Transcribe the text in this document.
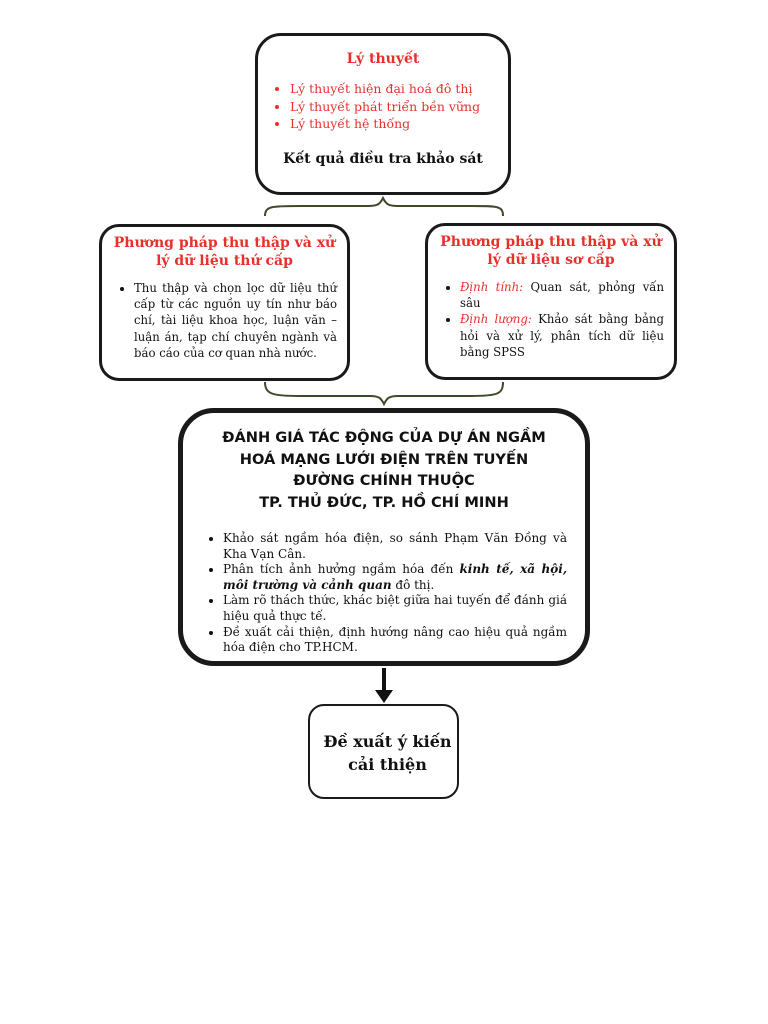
Lý thuyết
• Lý thuyết hiện đại hoá đô thị
• Lý thuyết phát triển bền vững
• Lý thuyết hệ thống
Kết quả điều tra khảo sát
Phương pháp thu thập và xử lý dữ liệu thứ cấp
• Thu thập và chọn lọc dữ liệu thứ cấp từ các nguồn uy tín như báo chí, tài liệu khoa học, luận văn – luận án, tạp chí chuyên ngành và báo cáo của cơ quan nhà nước.
Phương pháp thu thập và xử lý dữ liệu sơ cấp
• Định tính: Quan sát, phỏng vấn sâu
• Định lượng: Khảo sát bằng bảng hỏi và xử lý, phân tích dữ liệu bằng SPSS
ĐÁNH GIÁ TÁC ĐỘNG CỦA DỰ ÁN NGẦM
HOÁ MẠNG LƯỚI ĐIỆN TRÊN TUYẾN
ĐƯỜNG CHÍNH THUỘC
TP. THỦ ĐỨC, TP. HỒ CHÍ MINH
• Khảo sát ngầm hóa điện, so sánh Phạm Văn Đồng và Kha Vạn Cân.
• Phân tích ảnh hưởng ngầm hóa đến kinh tế, xã hội, môi trường và cảnh quan đô thị.
• Làm rõ thách thức, khác biệt giữa hai tuyến để đánh giá hiệu quả thực tế.
• Đề xuất cải thiện, định hướng nâng cao hiệu quả ngầm hóa điện cho TP.HCM.
Đề xuất ý kiến
cải thiện
